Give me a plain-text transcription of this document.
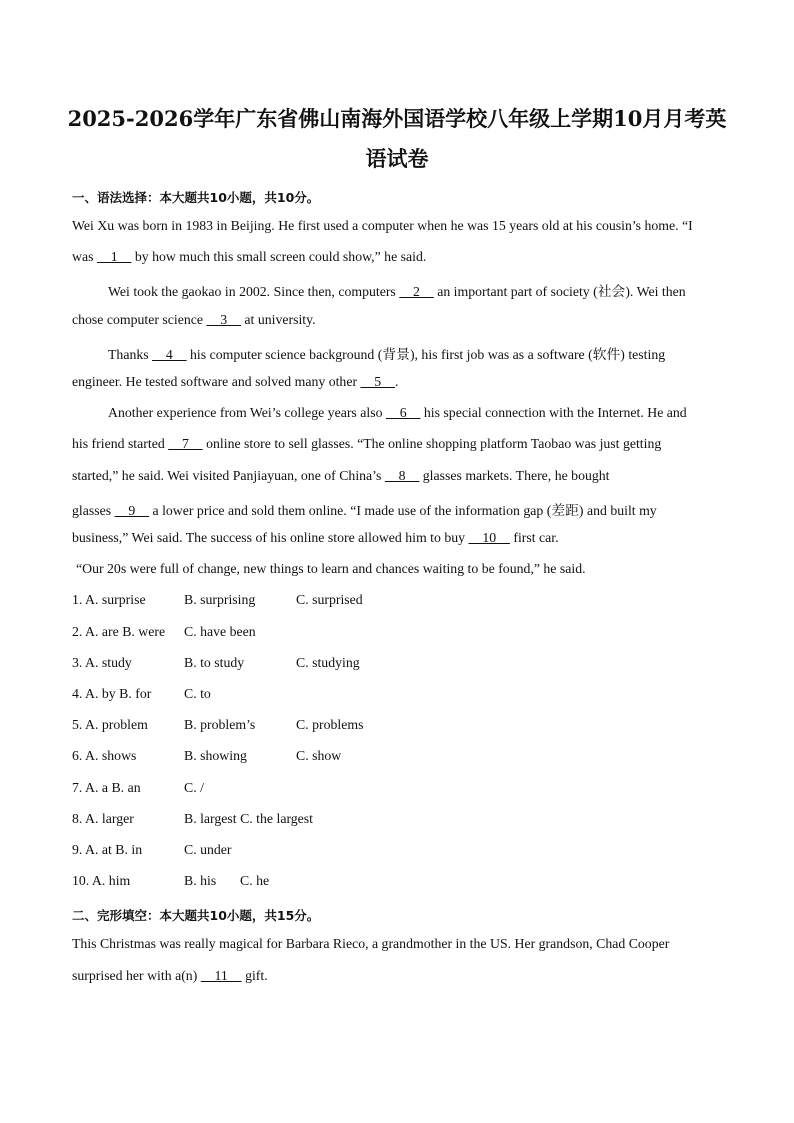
2025-2026学年广东省佛山南海外国语学校八年级上学期10月月考英
语试卷
一、语法选择：本大题共10小题，共10分。
Wei Xu was born in 1983 in Beijing. He first used a computer when he was 15 years old at his cousin’s home. “I
was     1     by how much this small screen could show,” he said.
Wei took the gaokao in 2002. Since then, computers     2     an important part of society (社会). Wei then
chose computer science     3     at university.
Thanks     4     his computer science background (背景), his first job was as a software (软件) testing
engineer. He tested software and solved many other     5    .
Another experience from Wei’s college years also     6     his special connection with the Internet. He and
his friend started     7     online store to sell glasses. “The online shopping platform Taobao was just getting
started,” he said. Wei visited Panjiayuan, one of China’s     8     glasses markets. There, he bought
glasses     9     a lower price and sold them online. “I made use of the information gap (差距) and built my
business,” Wei said. The success of his online store allowed him to buy     10     first car.
“Our 20s were full of change, new things to learn and chances waiting to be found,” he said.
1. A. surprise	B. surprising	C. surprised
2. A. are B. were C. have been
3. A. study	B. to study	C. studying
4. A. by B. for C. to
5. A. problem	B. problem’s	C. problems
6. A. shows	B. showing	C. show
7. A. a B. an	C. /
8. A. larger	B. largest C. the largest
9. A. at B. in	C. under
10. A. him	B. his C. he
二、完形填空：本大题共10小题，共15分。
This Christmas was really magical for Barbara Rieco, a grandmother in the US. Her grandson, Chad Cooper
surprised her with a(n)     11     gift.
